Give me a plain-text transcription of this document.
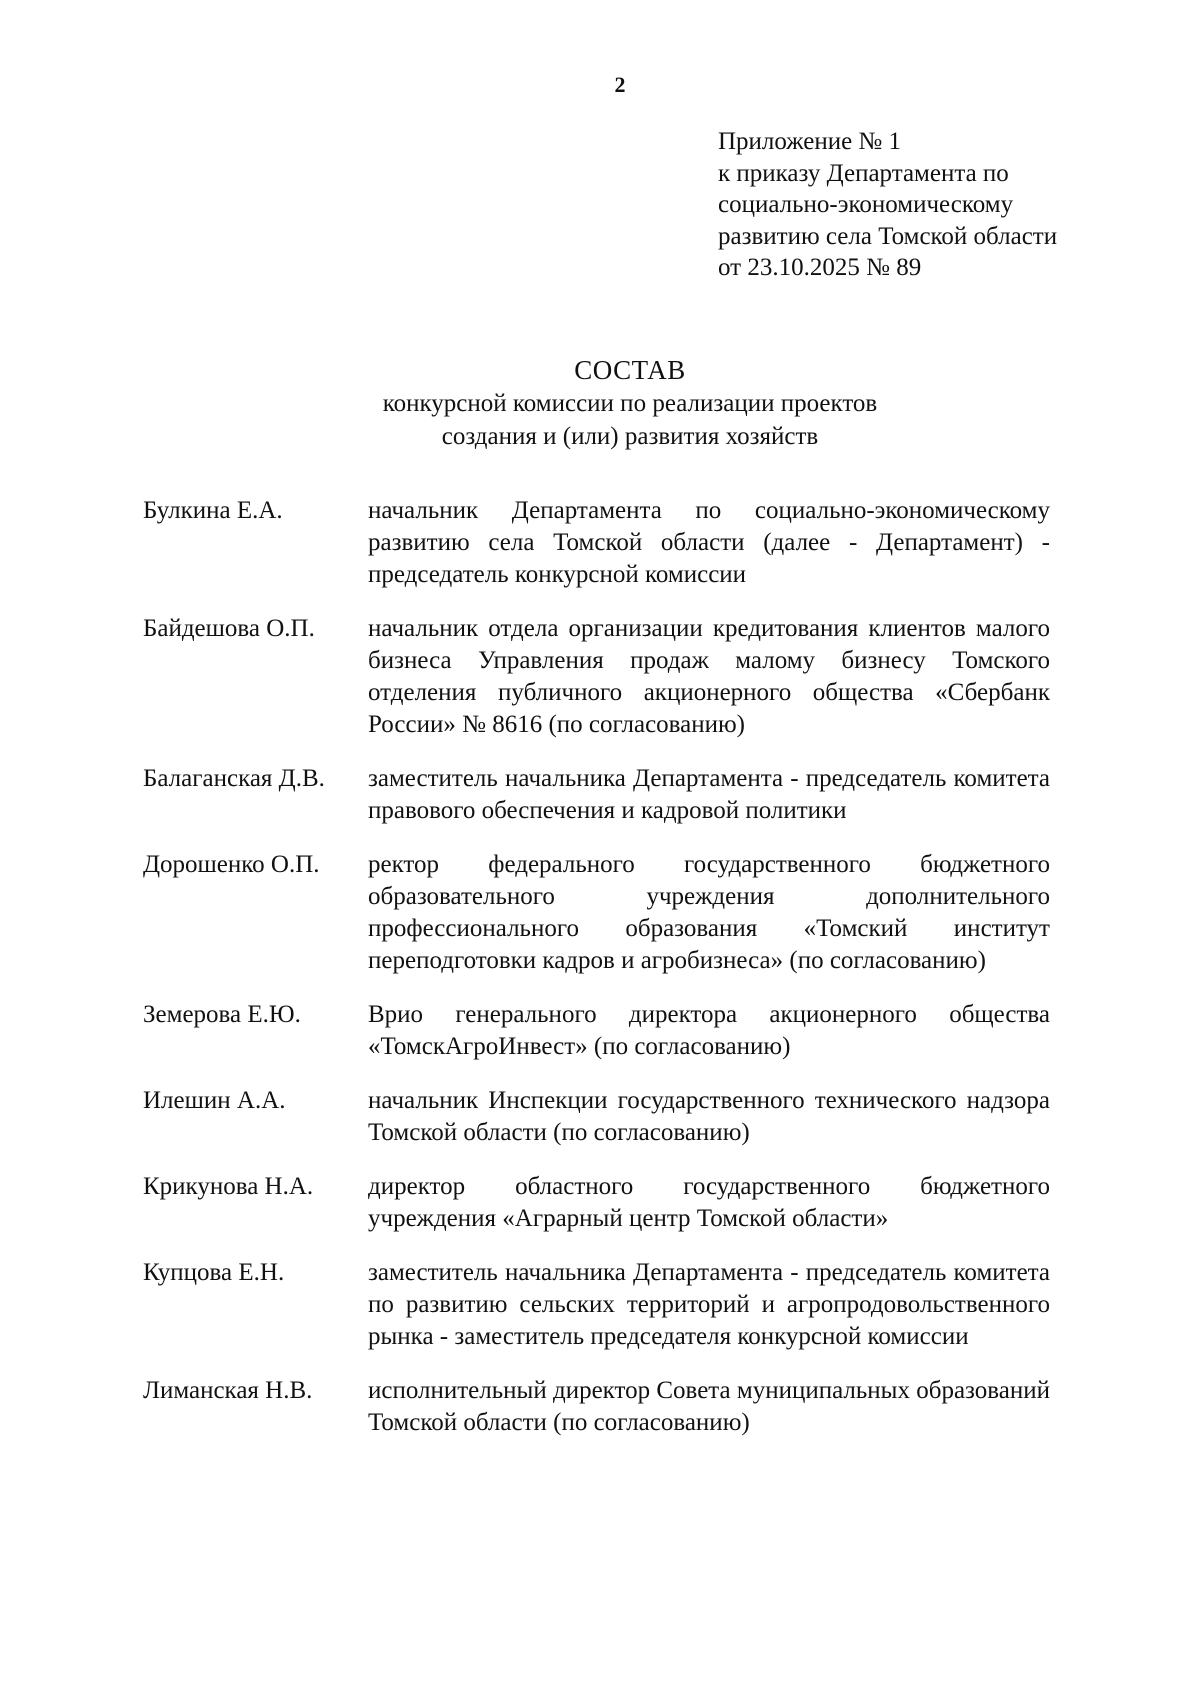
2
Приложение № 1
к приказу Департамента по
социально-экономическому
развитию села Томской области
от 23.10.2025 № 89
СОСТАВ
конкурсной комиссии по реализации проектов
создания и (или) развития хозяйств
Булкина Е.А.	начальник Департамента по социально-экономическому развитию села Томской области (далее - Департамент) - председатель конкурсной комиссии
Байдешова О.П.	начальник отдела организации кредитования клиентов малого бизнеса Управления продаж малому бизнесу Томского отделения публичного акционерного общества «Сбербанк России» № 8616 (по согласованию)
Балаганская Д.В.	заместитель начальника Департамента - председатель комитета правового обеспечения и кадровой политики
Дорошенко О.П.	ректор федерального государственного бюджетного образовательного учреждения дополнительного профессионального образования «Томский институт переподготовки кадров и агробизнеса» (по согласованию)
Земерова Е.Ю.	Врио генерального директора акционерного общества «ТомскАгроИнвест» (по согласованию)
Илешин А.А.	начальник Инспекции государственного технического надзора Томской области (по согласованию)
Крикунова Н.А.	директор областного государственного бюджетного учреждения «Аграрный центр Томской области»
Купцова Е.Н.	заместитель начальника Департамента - председатель комитета по развитию сельских территорий и агропродовольственного рынка - заместитель председателя конкурсной комиссии
Лиманская Н.В.	исполнительный директор Совета муниципальных образований Томской области (по согласованию)
